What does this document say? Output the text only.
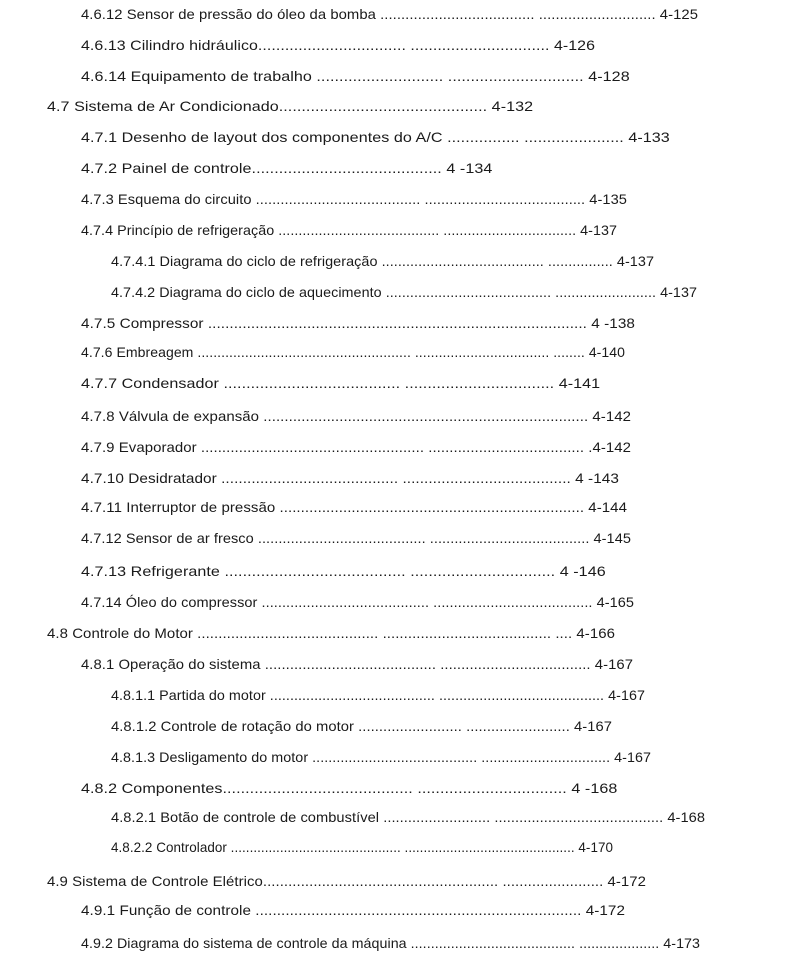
4.6.12 Sensor de pressão do óleo da bomba ..................................... ............................ 4-125
4.6.13 Cilindro hidráulico................................. ............................... 4-126
4.6.14 Equipamento de trabalho ............................ .............................. 4-128
4.7 Sistema de Ar Condicionado.............................................. 4-132
4.7.1 Desenho de layout dos componentes do A/C ................ ...................... 4-133
4.7.2 Painel de controle.......................................... 4 -134
4.7.3 Esquema do circuito ........................................ ....................................... 4-135
4.7.4 Princípio de refrigeração ........................................ ................................. 4-137
4.7.4.1 Diagrama do ciclo de refrigeração ........................................ ................ 4-137
4.7.4.2 Diagrama do ciclo de aquecimento ......................................... ......................... 4-137
4.7.5 Compressor ........................................................................................ 4 -138
4.7.6 Embreagem ...................................................... .................................. ........ 4-140
4.7.7 Condensador ....................................... ................................. 4-141
4.7.8 Válvula de expansão ............................................................................. 4-142
4.7.9 Evaporador ..................................................... ..................................... .4-142
4.7.10 Desidratador ......................................... ....................................... 4 -143
4.7.11 Interruptor de pressão ........................................................................ 4-144
4.7.12 Sensor de ar fresco ......................................... ....................................... 4-145
4.7.13 Refrigerante ........................................ ................................ 4 -146
4.7.14 Óleo do compressor ......................................... ....................................... 4-165
4.8 Controle do Motor ........................................... ........................................ .... 4-166
4.8.1 Operação do sistema ......................................... .................................... 4-167
4.8.1.1 Partida do motor ......................................... ......................................... 4-167
4.8.1.2 Controle de rotação do motor ......................... ......................... 4-167
4.8.1.3 Desligamento do motor ......................................... ................................ 4-167
4.8.2 Componentes.......................................... ................................. 4 -168
4.8.2.1 Botão de controle de combustível .......................... ......................................... 4-168
4.8.2.2 Controlador ............................................. ............................................. 4-170
4.9 Sistema de Controle Elétrico........................................................ ........................ 4-172
4.9.1 Função de controle ............................................................................ 4-172
4.9.2 Diagrama do sistema de controle da máquina ......................................... .................... 4-173
